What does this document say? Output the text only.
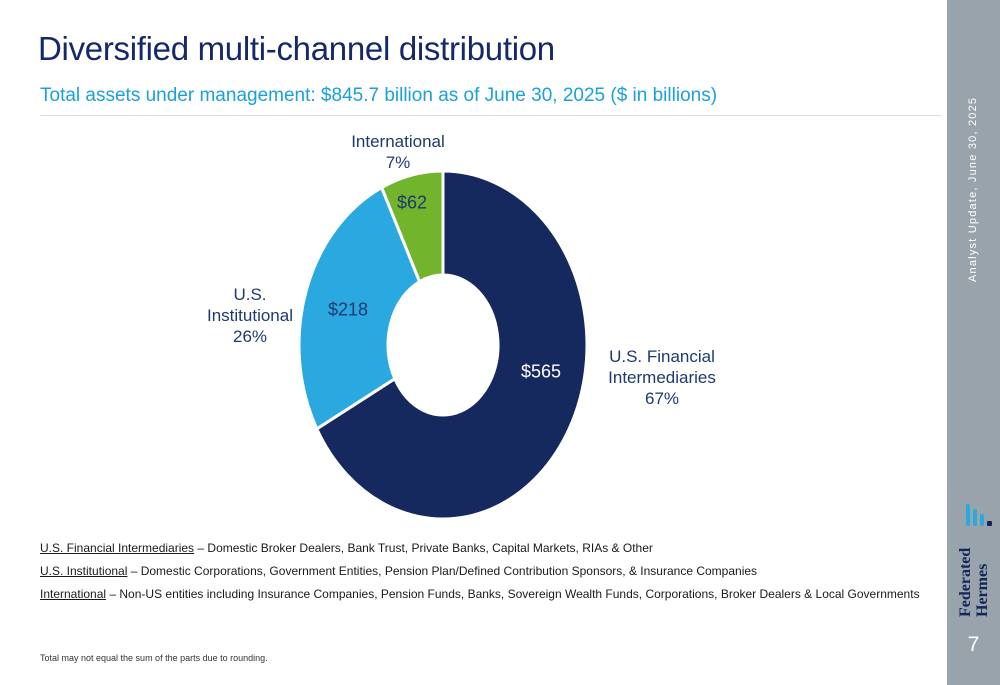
Diversified multi-channel distribution
Total assets under management: $845.7 billion as of June 30, 2025 ($ in billions)
U.S. Financial Intermediaries
67%
$565
U.S. Institutional
26%
$218
International
7%
$62
U.S. Financial Intermediaries – Domestic Broker Dealers, Bank Trust, Private Banks, Capital Markets, RIAs & Other
U.S. Institutional – Domestic Corporations, Government Entities, Pension Plan/Defined Contribution Sponsors, & Insurance Companies
International – Non-US entities including Insurance Companies, Pension Funds, Banks, Sovereign Wealth Funds, Corporations, Broker Dealers & Local Governments
Total may not equal the sum of the parts due to rounding.
Analyst Update, June 30, 2025
Federated Hermes
7
